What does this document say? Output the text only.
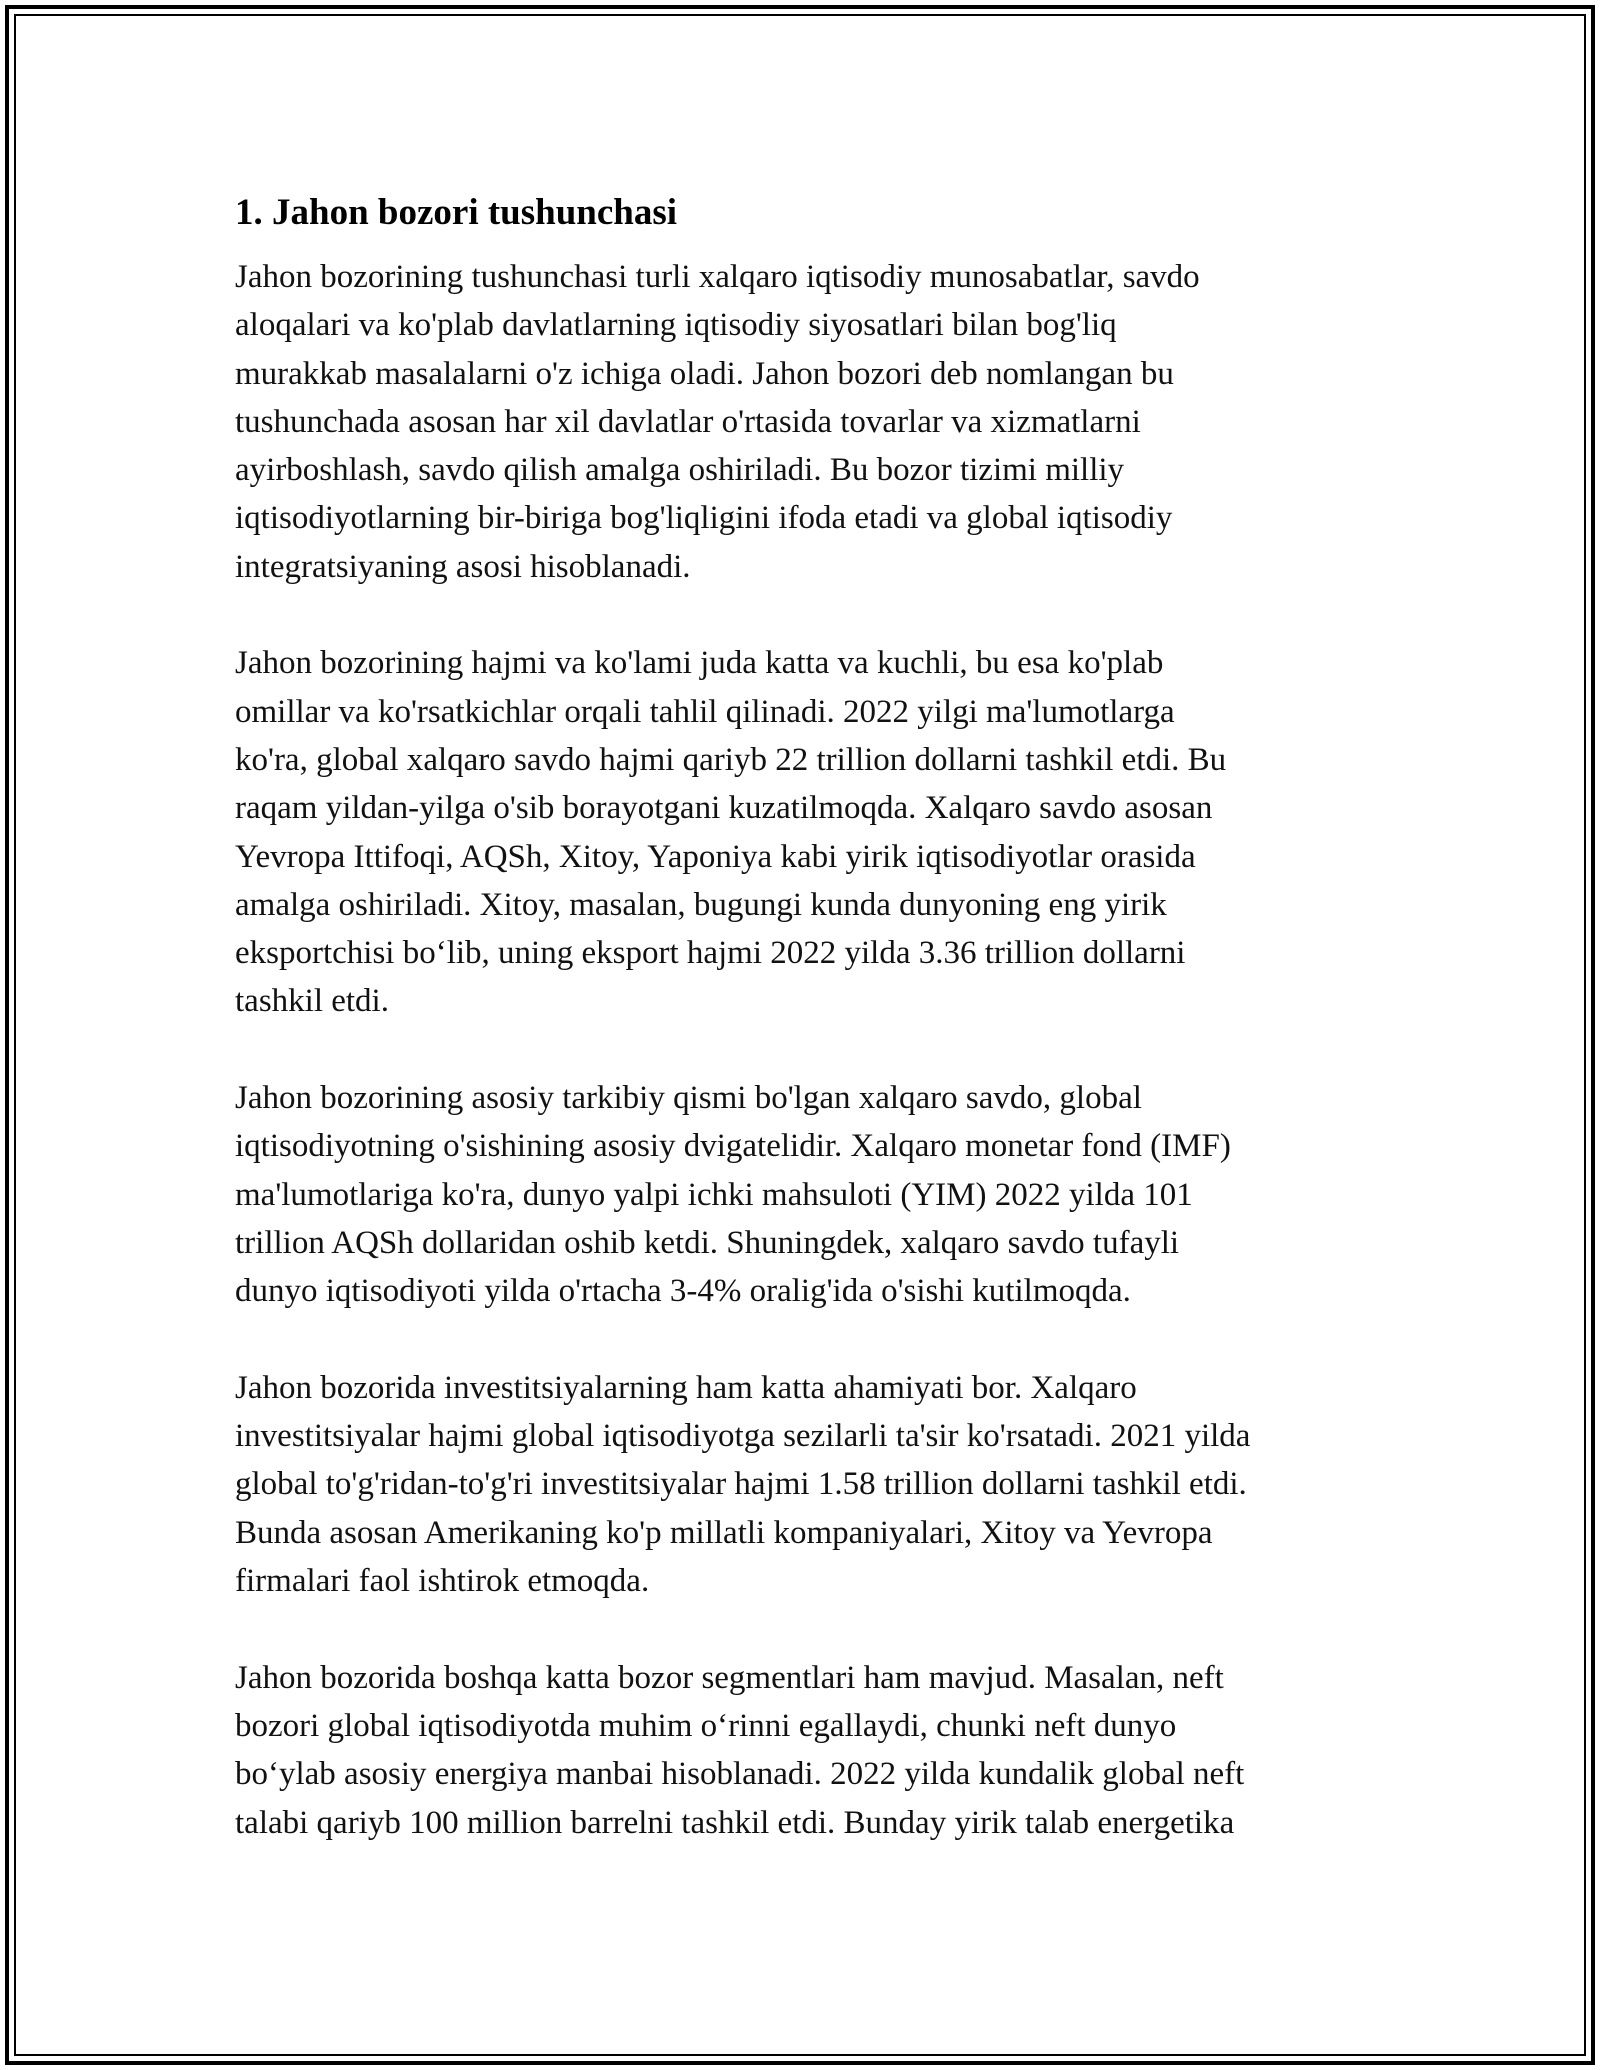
1. Jahon bozori tushunchasi

Jahon bozorining tushunchasi turli xalqaro iqtisodiy munosabatlar, savdo
aloqalari va ko'plab davlatlarning iqtisodiy siyosatlari bilan bog'liq
murakkab masalalarni o'z ichiga oladi. Jahon bozori deb nomlangan bu
tushunchada asosan har xil davlatlar o'rtasida tovarlar va xizmatlarni
ayirboshlash, savdo qilish amalga oshiriladi. Bu bozor tizimi milliy
iqtisodiyotlarning bir-biriga bog'liqligini ifoda etadi va global iqtisodiy
integratsiyaning asosi hisoblanadi.

Jahon bozorining hajmi va ko'lami juda katta va kuchli, bu esa ko'plab
omillar va ko'rsatkichlar orqali tahlil qilinadi. 2022 yilgi ma'lumotlarga
ko'ra, global xalqaro savdo hajmi qariyb 22 trillion dollarni tashkil etdi. Bu
raqam yildan-yilga o'sib borayotgani kuzatilmoqda. Xalqaro savdo asosan
Yevropa Ittifoqi, AQSh, Xitoy, Yaponiya kabi yirik iqtisodiyotlar orasida
amalga oshiriladi. Xitoy, masalan, bugungi kunda dunyoning eng yirik
eksportchisi bo‘lib, uning eksport hajmi 2022 yilda 3.36 trillion dollarni
tashkil etdi.

Jahon bozorining asosiy tarkibiy qismi bo'lgan xalqaro savdo, global
iqtisodiyotning o'sishining asosiy dvigatelidir. Xalqaro monetar fond (IMF)
ma'lumotlariga ko'ra, dunyo yalpi ichki mahsuloti (YIM) 2022 yilda 101
trillion AQSh dollaridan oshib ketdi. Shuningdek, xalqaro savdo tufayli
dunyo iqtisodiyoti yilda o'rtacha 3-4% oralig'ida o'sishi kutilmoqda.

Jahon bozorida investitsiyalarning ham katta ahamiyati bor. Xalqaro
investitsiyalar hajmi global iqtisodiyotga sezilarli ta'sir ko'rsatadi. 2021 yilda
global to'g'ridan-to'g'ri investitsiyalar hajmi 1.58 trillion dollarni tashkil etdi.
Bunda asosan Amerikaning ko'p millatli kompaniyalari, Xitoy va Yevropa
firmalari faol ishtirok etmoqda.

Jahon bozorida boshqa katta bozor segmentlari ham mavjud. Masalan, neft
bozori global iqtisodiyotda muhim o‘rinni egallaydi, chunki neft dunyo
bo‘ylab asosiy energiya manbai hisoblanadi. 2022 yilda kundalik global neft
talabi qariyb 100 million barrelni tashkil etdi. Bunday yirik talab energetika
